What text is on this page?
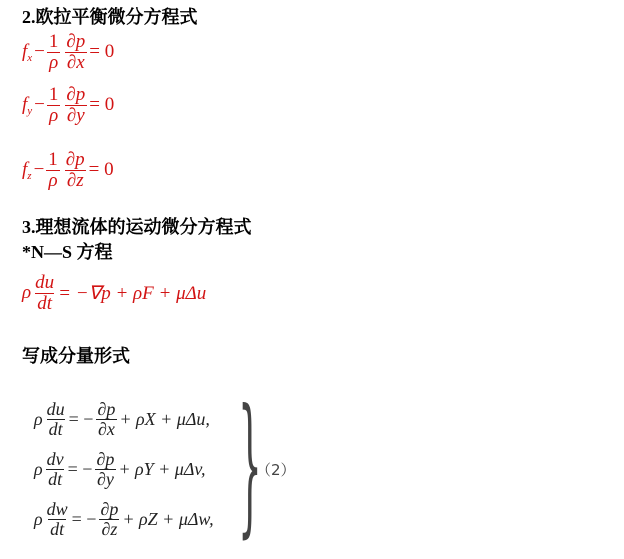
2.欧拉平衡微分方程式
f $x - \frac{1}{\rho} \frac{\partial p}{\partial x} = 0$
f $y - \frac{1}{\rho} \frac{\partial p}{\partial y} = 0$
f $z - \frac{1}{\rho} \frac{\partial p}{\partial z} = 0$
3.理想流体的运动微分方程式
*N—S 方程
ρ $\frac{du}{dt} = -\nabla p + \rho F + \mu\Delta u$
写成分量形式
ρ $\frac{du}{dt}$ = − $\frac{\partial p}{\partial x} + \rho X + \mu\Delta u$,
ρ $\frac{dv}{dt}$ = − $\frac{\partial p}{\partial y} + \rho Y + \mu\Delta v$,
ρ $\frac{dw}{dt}$ = − $\frac{\partial p}{\partial z} + \rho Z + \mu\Delta w$, }
（2）
